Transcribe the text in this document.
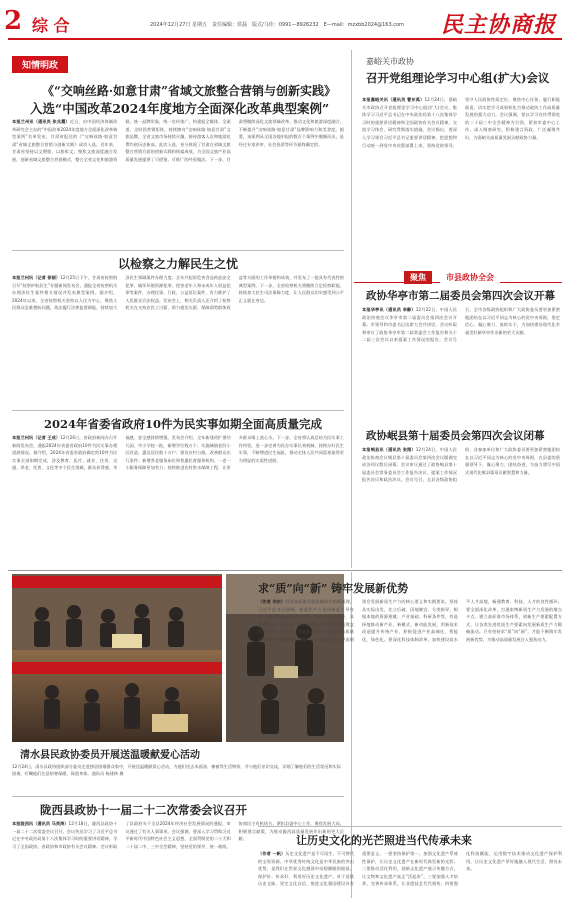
2 综 合	2024年12月27日 星期五　责任编辑：侯磊　版式/马佳：0991—8926232　E—mail：mzxbb2024@163.com 民主协商报
知情明政
《“交响丝路·如意甘肃”省域文旅整合营销与创新实践》
入选“中国改革2024年度地方全面深化改革典型案例”
本报兰州讯（通讯员 张兆霞）近日，由中国经济体制改革研究会主办的“中国改革2024年度地方全面深化改革典型案例”名单发布，甘肃省报送的《“交响丝路·如意甘肃”省域文旅整合营销与创新实践》成功入选。近年来，甘肃省坚持以文塑旅、以旅彰文，聚焦文旅深度融合发展，创新省域文旅整合营销模式，整合全省文化和旅游资源，统一品牌形象，统一宣传推广，构建起全媒体、全渠道、全时段营销矩阵，持续擦亮“交响丝路·如意甘肃”文旅品牌，全省文旅市场持续火爆，接待游客人次和旅游花费均创历史新高。此次入选，充分体现了甘肃在省域文旅整合营销方面的创新实践和探索成效，为全国文旅产业高质量发展提供了可借鉴、可推广的经验做法。下一步，甘肃将继续深化文旅领域改革，推动文化和旅游深度融合，不断提升“交响丝路·如意甘肃”品牌影响力和美誉度。据悉，该案例从全国各地申报的数百个案例中脱颖而出，是经过专家评审、社会投票等环节最终确定的。
嘉峪关市政协
召开党组理论学习中心组(扩大)会议
本报嘉峪关讯（通讯员 曹东禹）12月24日，嘉峪关市政协召开党组理论学习中心组(扩大)会议，集体学习习近平总书记在中央政治局第十八次集体学习时的重要讲话精神和全国政协有关会议精神，交流学习体会，研究贯彻落实措施。会议指出，要深入学习领会习近平总书记重要讲话精神，把思想和行动统一到党中央决策部署上来，坚持党的领导，坚守人民政协性质定位，聚焦中心任务，履行职能职责，切实把学习成果转化为推动政协工作高质量发展的强大动力。会议强调，要以学习宣传贯彻党的二十届三中全会精神为引领，紧扣市委中心工作，深入调查研究，积极建言资政，广泛凝聚共识，为嘉峪关高质量发展贡献政协力量。
以检察之力解民生之忧
本报兰州讯（记者 徐丽）12月25日下午，甘肃省检察院召开“检察护航民生”专题新闻发布会，通报全省检察机关办理涉民生案件相关情况并发布典型案例。据介绍，2024年以来，全省检察机关坚持以人民为中心，聚焦人民群众急难愁盼问题，依法履行法律监督职能，持续加大涉民生领域案件办理力度。全年共起诉危害食品药品安全犯罪、破坏环境资源犯罪、侵害老年人和未成年人权益犯罪等案件，办理民事、行政、公益诉讼案件，有力维护了人民群众合法权益。发布会上，相关负责人还介绍了检察机关在支持农民工讨薪、助力根治欠薪、保障弱势群体权益等方面的工作举措和成效，并发布了一批具有代表性的典型案例。下一步，全省检察机关将继续立足检察职能，持续加大民生司法保障力度，让人民群众切实感受到公平正义就在身边。
聚焦	市县政协全会
政协华亭市第二届委员会第四次会议开幕
本报华亭讯（通讯员 李静）12月22日，中国人民政治协商会议华亭市第二届委员会第四次会议开幕。市领导和市委书记出席大会并讲话。会议听取和审议了政协华亭市第二届常委会工作报告和关于二届三次会议以来提案工作情况的报告。会议号召，全市各级政协组织和广大政协委员要更加紧密地团结在以习近平同志为核心的党中央周围，坚定信心、凝心聚力、真抓实干，为加快建设现代化幸福美好新华亭作出新的更大贡献。
政协岷县第十届委员会第四次会议闭幕
本报岷县讯（通讯员 张翔）12月24日，中国人民政治协商会议岷县第十届委员会第四次会议圆满完成各项议程后闭幕。会议审议通过了政协岷县第十届委员会常务委员会工作报告决议、提案工作情况报告决议和政治决议。会议号召，全县各级政协组织、各参加单位和广大政协委员要更加紧密地团结在以习近平同志为核心的党中央周围，在县委的坚强领导下，凝心聚力、团结奋进，为奋力谱写中国式现代化岷县篇章贡献智慧和力量。
2024年省委省政府10件为民实事如期全面高质量完成
本报兰州讯（记者 王成）12月26日，省政府新闻办召开新闻发布会，通报2024年省委省政府10件为民实事办理进展情况。据介绍，2024年省委省政府确定的10件为民实事全部如期完成，涉及教育、医疗、就业、住房、交通、养老、托育、文化等多个民生领域，群众获得感、幸福感、安全感持续增强。发布会介绍，全年新建改扩建幼儿园、中小学校一批，新增学位数万个；实施城镇老旧小区改造，惠及居民数十万户；建设农村公路，改善群众出行条件；新增养老服务床位和普惠托育服务机构，一老一小服务保障更加有力；持续推进农村供水保障工程，让更多群众喝上放心水。下一步，全省将认真总结为民实事工作经验，进一步完善为民办实事长效机制，持续办好民生实事，不断增进民生福祉，推动全体人民共同富裕取得更为明显的实质性进展。
清水县民政协委员开展送温暖献爱心活动
12月24日，清水县政协组织部分委员走进独居困难群众家中，开展送温暖献爱心活动，为他们送去米面油、棉被等生活物资，并与他们亲切交谈，详细了解他们的生活状况和实际困难，叮嘱他们注意防寒保暖、保重身体。通讯员 杨建林 摄
陇西县政协十一届二十二次常委会议召开
本报陇西讯（通讯员 马英涛）12月18日，陇西县政协十一届二十二次常委会议召开。会议传达学习了习近平总书记在中央政治局第十八次集体学习时的重要讲话精神，学习了全国政协、省政协和市政协有关会议精神。会议听取了县政府关于全县2024年经济社会发展情况的通报，审议通过了有关人事事项。会议强调，要深入学习贯彻习近平新时代中国特色社会主义思想，全面贯彻党的二十大和二十届二中、三中全会精神，坚持党的领导、统一战线、协商民主有机结合，紧扣县委中心工作，聚焦发展大局，积极建言献策，为推动陇西高质量发展作出新的更大贡献。
求“质”向“新” 铸牢发展新优势
（作者 何东）经济高质量发展是新时代的硬道理。习近平总书记强调，新质生产力是创新起主导作用，摆脱传统经济增长方式、生产力发展路径，具有高科技、高效能、高质量特征，符合新发展理念的先进生产力质态。发展新质生产力是推动高质量发展的内在要求和重要着力点。各地各部门要深刻领会发展新质生产力的核心要义和实践要求，坚持从实际出发，先立后破、因地制宜、分类指导，根据本地的资源禀赋、产业基础、科研条件等，有选择地推动新产业、新模式、新动能发展，用新技术改造提升传统产业，积极促进产业高端化、智能化、绿色化。要深化科技体制改革，加快建设高水平人才高地，畅通教育、科技、人才的良性循环。要全面深化改革，打通束缚新质生产力发展的堵点卡点，建立高标准市场体系，创新生产要素配置方式，让各类先进优质生产要素向发展新质生产力顺畅流动。只有坚持求“质”向“新”，才能不断铸牢发展新优势，为推动高质量发展注入强劲动力。
让历史文化的光芒照进当代传承未来
（作者 一帆）历史文化遗产是不可再生、不可替代的宝贵资源。中华优秀传统文化是中华民族的突出优势，是我们在世界文化激荡中站稳脚跟的根基。保护好、传承好、利用好历史文化遗产，对于延续历史文脉、坚定文化自信、推进文化强国建设具有重要意义。一要坚持保护第一，加强文化遗产系统性保护，让历史文化遗产在新时代焕发新的光彩。二要推动活化利用，创新文化遗产展示传播方式，让文物和文化遗产真正“活起来”。三要加强人才培养，完善传承体系，让非遗技艺代代相传。四要强化科技赋能，运用数字技术推动文化遗产保护利用，让历史文化遗产更好地融入现代生活，照亮未来。
